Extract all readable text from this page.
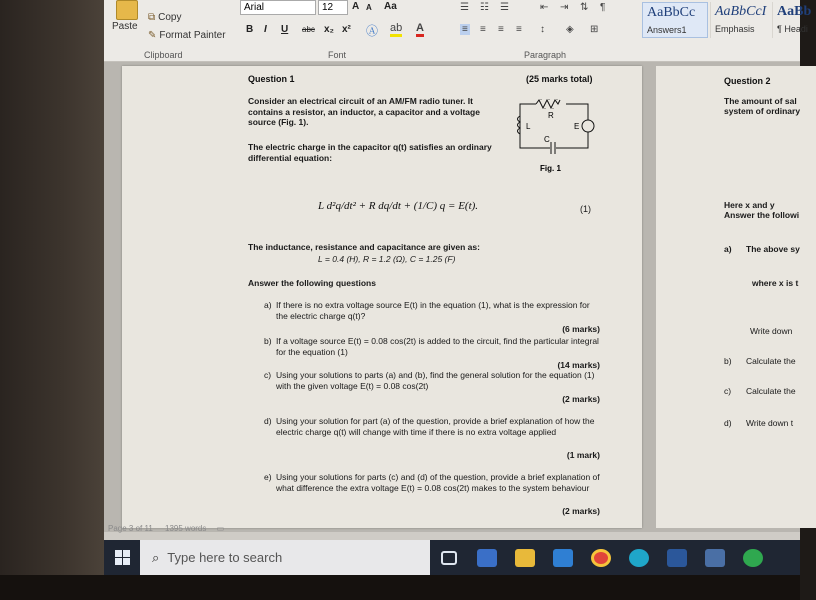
Paste
⧉ Copy
✎ Format Painter
Arial	12	A A Aa
B I U abc x₂ x² Ⓐ ab A
☰ ☷ ☰	⇤ ⇥ ⇅ ¶
≡ ≡ ≡ ≡ ↕ ◈ ⊞
AaBbCc
Answers1
AaBbCcI
Emphasis
AaBb
¶ Headi
Clipboard	Font	Paragraph
Question 1	(25 marks total)
Consider an electrical circuit of an AM/FM radio tuner. It contains a resistor, an inductor, a capacitor and a voltage source (Fig. 1).
The electric charge in the capacitor q(t) satisfies an ordinary differential equation:
R
L	E
C
Fig. 1
L d²q/dt² + R dq/dt + (1/C) q = E(t).	(1)
The inductance, resistance and capacitance are given as:
L = 0.4 (H), R = 1.2 (Ω), C = 1.25 (F)
Answer the following questions
a) If there is no extra voltage source E(t) in the equation (1), what is the expression for the electric charge q(t)?
(6 marks)
b) If a voltage source E(t) = 0.08 cos(2t) is added to the circuit, find the particular integral for the equation (1)
(14 marks)
c) Using your solutions to parts (a) and (b), find the general solution for the equation (1) with the given voltage E(t) = 0.08 cos(2t)
(2 marks)
d) Using your solution for part (a) of the question, provide a brief explanation of how the electric charge q(t) will change with time if there is no extra voltage applied
(1 mark)
e) Using your solutions for parts (c) and (d) of the question, provide a brief explanation of what difference the extra voltage E(t) = 0.08 cos(2t) makes to the system behaviour
(2 marks)
Question 2
The amount of sal
system of ordinary
Here x and y
Answer the followi
a) The above sy
where x is t
Write down
b) Calculate the
c) Calculate the
d) Write down t
Page 3 of 11 1395 words ▭
⌕ Type here to search
